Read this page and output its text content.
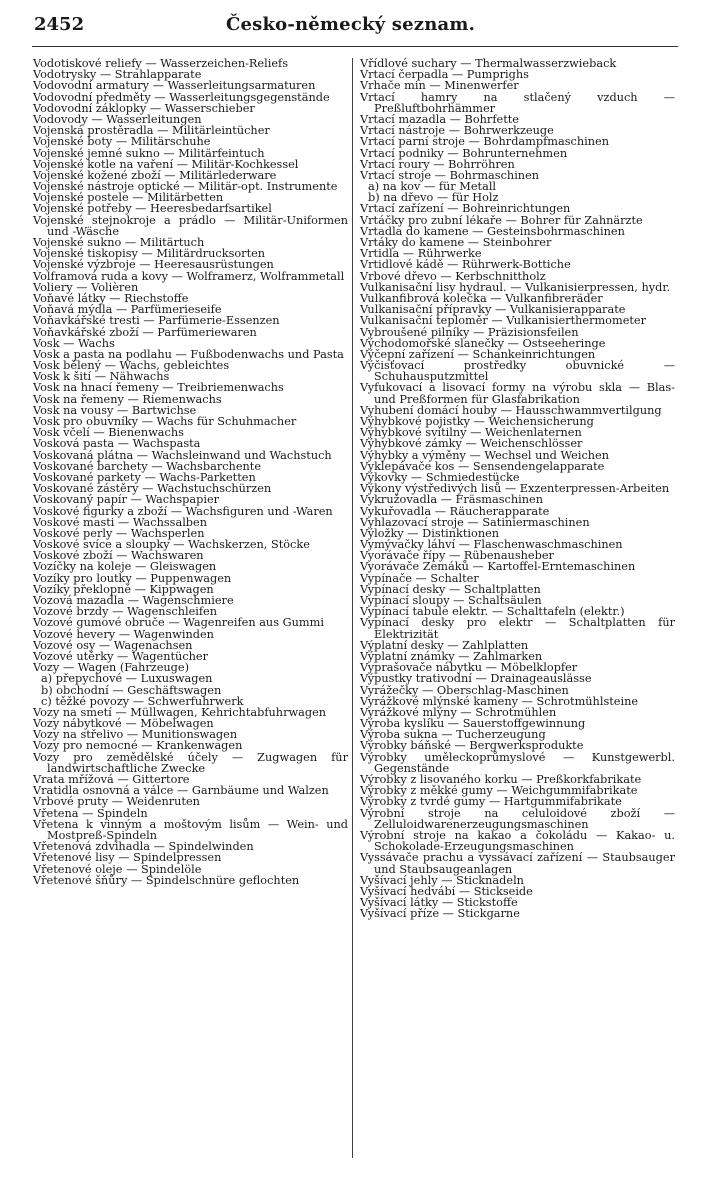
2452	Česko-německý seznam.

Vodotiskové reliefy — Wasserzeichen-Reliefs

Vodotrysky — Strahlapparate

Vodovodní armatury — Wasserleitungsarmaturen

Vodovodní předměty — Wasserleitungsgegenstände

Vodovodní záklopky — Wasserschieber

Vodovody — Wasserleitungen

Vojenská prostěradla — Militärleintücher

Vojenské boty — Militärschuhe

Vojenské jemné sukno — Militärfeintuch

Vojenské kotle na vaření — Militär-Kochkessel

Vojenské kožené zboží — Militärlederware

Vojenské nástroje optické — Militär-opt. Instrumente

Vojenské postele — Militärbetten

Vojenské potřeby — Heeresbedarfsartikel

Vojenské stejnokroje a prádlo — Militär-Uniformen und -Wäsche

Vojenské sukno — Militärtuch

Vojenské tiskopisy — Militärdrucksorten

Vojenské výzbroje — Heeresausrüstungen

Volframová ruda a kovy — Wolframerz, Wolframmetall

Voliery — Volièren

Voňavé látky — Riechstoffe

Voňavá mýdla — Parfümerieseife

Voňavkářské tresti — Parfümerie-Essenzen

Voňavkářské zboží — Parfümeriewaren

Vosk — Wachs

Vosk a pasta na podlahu — Fußbodenwachs und Pasta

Vosk bělený — Wachs, gebleichtes

Vosk k šití — Nähwachs

Vosk na hnací řemeny — Treibriemenwachs

Vosk na řemeny — Riemenwachs

Vosk na vousy — Bartwichse

Vosk pro obuvníky — Wachs für Schuhmacher

Vosk včelí — Bienenwachs

Vosková pasta — Wachspasta

Voskovaná plátna — Wachsleinwand und Wachstuch

Voskované barchety — Wachsbarchente

Voskované parkety — Wachs-Parketten

Voskované zástěry — Wachstuchschürzen

Voskovaný papír — Wachspapier

Voskové figurky a zboží — Wachsfiguren und -Waren

Voskové masti — Wachssalben

Voskové perly — Wachsperlen

Voskové svíce a sloupky — Wachskerzen, Stöcke

Voskové zboží — Wachswaren

Vozíčky na koleje — Gleiswagen

Vozíky pro loutky — Puppenwagen

Vozíky překlopné — Kippwagen

Vozová mazadla — Wagenschmiere

Vozové brzdy — Wagenschleifen

Vozové gumové obruče — Wagenreifen aus Gummi

Vozové hevery — Wagenwinden

Vozové osy — Wagenachsen

Vozové utěrky — Wagentücher

Vozy — Wagen (Fahrzeuge)

a) přepychové — Luxuswagen

b) obchodní — Geschäftswagen

c) těžké povozy — Schwerfuhrwerk

Vozy na smetí — Müllwagen, Kehrichtabfuhrwagen

Vozy nábytkové — Möbelwagen

Vozy na střelivo — Munitionswagen

Vozy pro nemocné — Krankenwagen

Vozy pro zemědělské účely — Zugwagen für landwirtschaftliche Zwecke

Vrata mřížová — Gittertore

Vratidla osnovná a válce — Garnbäume und Walzen

Vrbové pruty — Weidenruten

Vřetena — Spindeln

Vřetena k vinným a moštovým lisům — Wein- und Mostpreß-Spindeln

Vřetenová zdvihadla — Spindelwinden

Vřetenové lisy — Spindelpressen

Vřetenové oleje — Spindelöle

Vřetenové šňůry — Spindelschnüre geflochten

Vřídlové suchary — Thermalwasserzwieback

Vrtací čerpadla — Pumprighs

Vrhače min — Minenwerfer

Vrtací hamry na stlačený vzduch — Preßluftbohrhämmer

Vrtací mazadla — Bohrfette

Vrtací nástroje — Bohrwerkzeuge

Vrtací parní stroje — Bohrdampfmaschinen

Vrtací podniky — Bohrunternehmen

Vrtací roury — Bohrröhren

Vrtací stroje — Bohrmaschinen

a) na kov — für Metall

b) na dřevo — für Holz

Vrtací zařízení — Bohreinrichtungen

Vrtáčky pro zubní lékaře — Bohrer für Zahnärzte

Vrtadla do kamene — Gesteinsbohrmaschinen

Vrtáky do kamene — Steinbohrer

Vrtidla — Rührwerke

Vrtidlové kádě — Rührwerk-Bottiche

Vrbové dřevo — Kerbschnittholz

Vulkanisační lisy hydraul. — Vulkanisierpressen, hydr.

Vulkanfibrová kolečka — Vulkanfibreräder

Vulkanisační přípravky — Vulkanisierapparate

Vulkanisační teploměr — Vulkanisierthermometer

Vybroušené pilníky — Präzisionsfeilen

Východomořské slanečky — Ostseeheringe

Výčepní zařízení — Schankeinrichtungen

Výčisťovací prostředky obuvnické — Schuhausputzmittel

Vyfukovací a lisovací formy na výrobu skla — Blas- und Preßformen für Glasfabrikation

Vyhubení domácí houby — Hausschwammvertilgung

Výhybkové pojistky — Weichensicherung

Výhybkové svítilny — Weichenlaternen

Výhybkové zámky — Weichenschlösser

Výhybky a výměny — Wechsel und Weichen

Vyklepávače kos — Sensendengelapparate

Výkovky — Schmiedestücke

Výkony výstředivých lisů — Exzenterpressen-Arbeiten

Vykružovadla — Fräsmaschinen

Vykuřovadla — Räucherapparate

Vyhlazovací stroje — Satiniermaschinen

Výložky — Distinktionen

Vymývačky láhví — Flaschenwaschmaschinen

Vyorávače řípy — Rübenausheber

Vyorávače Zemáků — Kartoffel-Erntemaschinen

Vypínače — Schalter

Vypínací desky — Schaltplatten

Vypínací sloupy — Schaltsäulen

Vypínací tabule elektr. — Schalttafeln (elektr.)

Vypínací desky pro elektr — Schaltplatten für Elektrizität

Výplatní desky — Zahlplatten

Výplatní známky — Zahlmarken

Vyprašovače nábytku — Möbelklopfer

Výpustky trativodní — Drainageauslässe

Vyrážečky — Oberschlag-Maschinen

Vyrážkové mlýnské kameny — Schrotmühlsteine

Vyrážkové mlýny — Schrotmühlen

Výroba kyslíku — Sauerstoffgewinnung

Výroba sukna — Tucherzeugung

Výrobky báňské — Bergwerksprodukte

Výrobky uměleckoprůmyslové — Kunstgewerbl. Gegenstände

Výrobky z lisovaného korku — Preßkorkfabrikate

Výrobky z měkké gumy — Weichgummifabrikate

Výrobky z tvrdé gumy — Hartgummifabrikate

Výrobní stroje na celuloidové zboží — Zelluloidwarenerzeugungsmaschinen

Výrobní stroje na kakao a čokoládu — Kakao- u. Schokolade-Erzeugungsmaschinen

Vyssávače prachu a vyssávací zařízení — Staubsauger und Staubsaugeanlagen

Vyšívací jehly — Sticknadeln

Vyšívací hedvábí — Stickseide

Vyšívací látky — Stickstoffe

Vyšívací příze — Stickgarne
